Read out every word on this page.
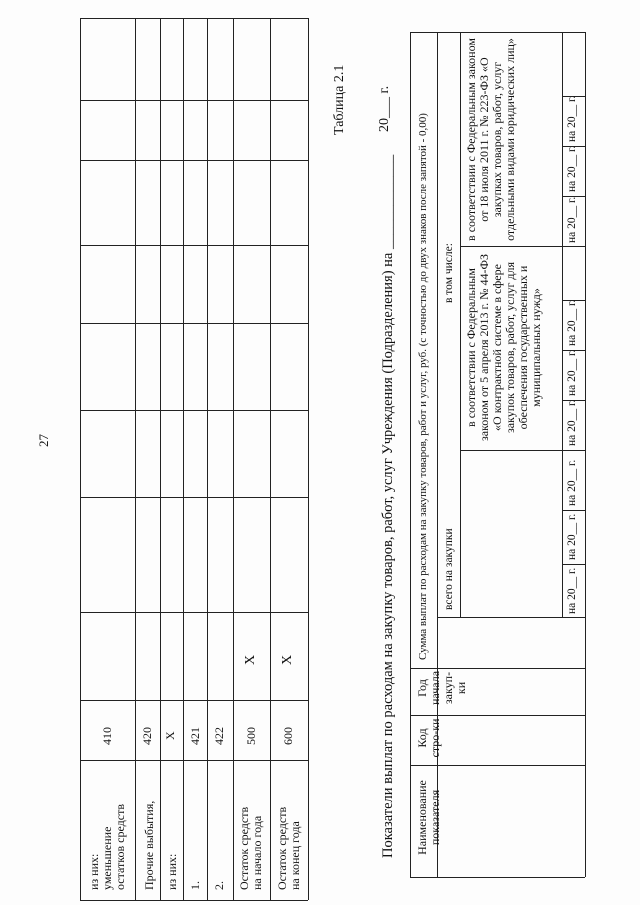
27
из них:
уменьшение
остатков средств Прочие выбытия, из них: 1. 2. Остаток средств
на начало года
Остаток средств
на конец года
410 420 X 421 422 500 600
X X
Таблица 2.1
Показатели выплат по расходам на закупку товаров, работ, услуг Учреждения (Подразделения) на _____________
20___ г.
Наименование показателя
Код стро-ки
Год начала закуп-ки
Сумма выплат по расходам на закупку товаров, работ и услуг, руб. (с точностью до двух знаков после запятой - 0,00) всего на закупки
в том числе: в соответствии с Федеральным законом от 5 апреля 2013 г. № 44-ФЗ «О контрактной системе в сфере закупок товаров, работ, услуг для обеспечения государственных и муниципальных нужд»
в соответствии с Федеральным законом от 18 июля 2011 г. № 223-ФЗ «О закупках товаров, работ, услуг отдельными видами юридических лиц»
на 20__ г.
на 20__ г.
на 20__ г.
на 20__ г.
на 20__ г.
на 20__ г.
на 20__ г.
на 20__ г.
на 20__ г.
